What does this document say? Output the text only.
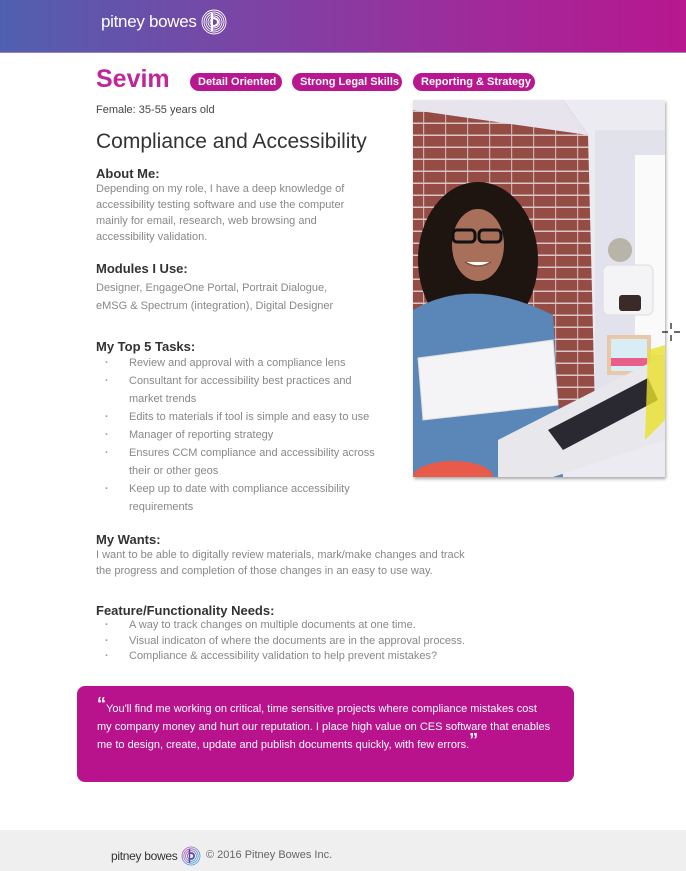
pitney bowes
Sevim	Detail Oriented	Strong Legal Skills	Reporting & Strategy
Female: 35-55 years old
Compliance and Accessibility
About Me:
Depending on my role, I have a deep knowledge of
accessibility testing software and use the computer
mainly for email, research, web browsing and
accessibility validation.
Modules I Use:
Designer, EngageOne Portal, Portrait Dialogue,
eMSG & Spectrum (integration), Digital Designer
My Top 5 Tasks:
· Review and approval with a compliance lens
· Consultant for accessibility best practices and
market trends
· Edits to materials if tool is simple and easy to use
· Manager of reporting strategy
· Ensures CCM compliance and accessibility across
their or other geos
· Keep up to date with compliance accessibility
requirements
My Wants:
I want to be able to digitally review materials, mark/make changes and track
the progress and completion of those changes in an easy to use way.
Feature/Functionality Needs:
· A way to track changes on multiple documents at one time.
· Visual indicaton of where the documents are in the approval process.
· Compliance & accessibility validation to help prevent mistakes?
“You'll find me working on critical, time sensitive projects where compliance mistakes cost
my company money and hurt our reputation. I place high value on CES software that enables
me to design, create, update and publish documents quickly, with few errors.”
pitney bowes	© 2016 Pitney Bowes Inc.
